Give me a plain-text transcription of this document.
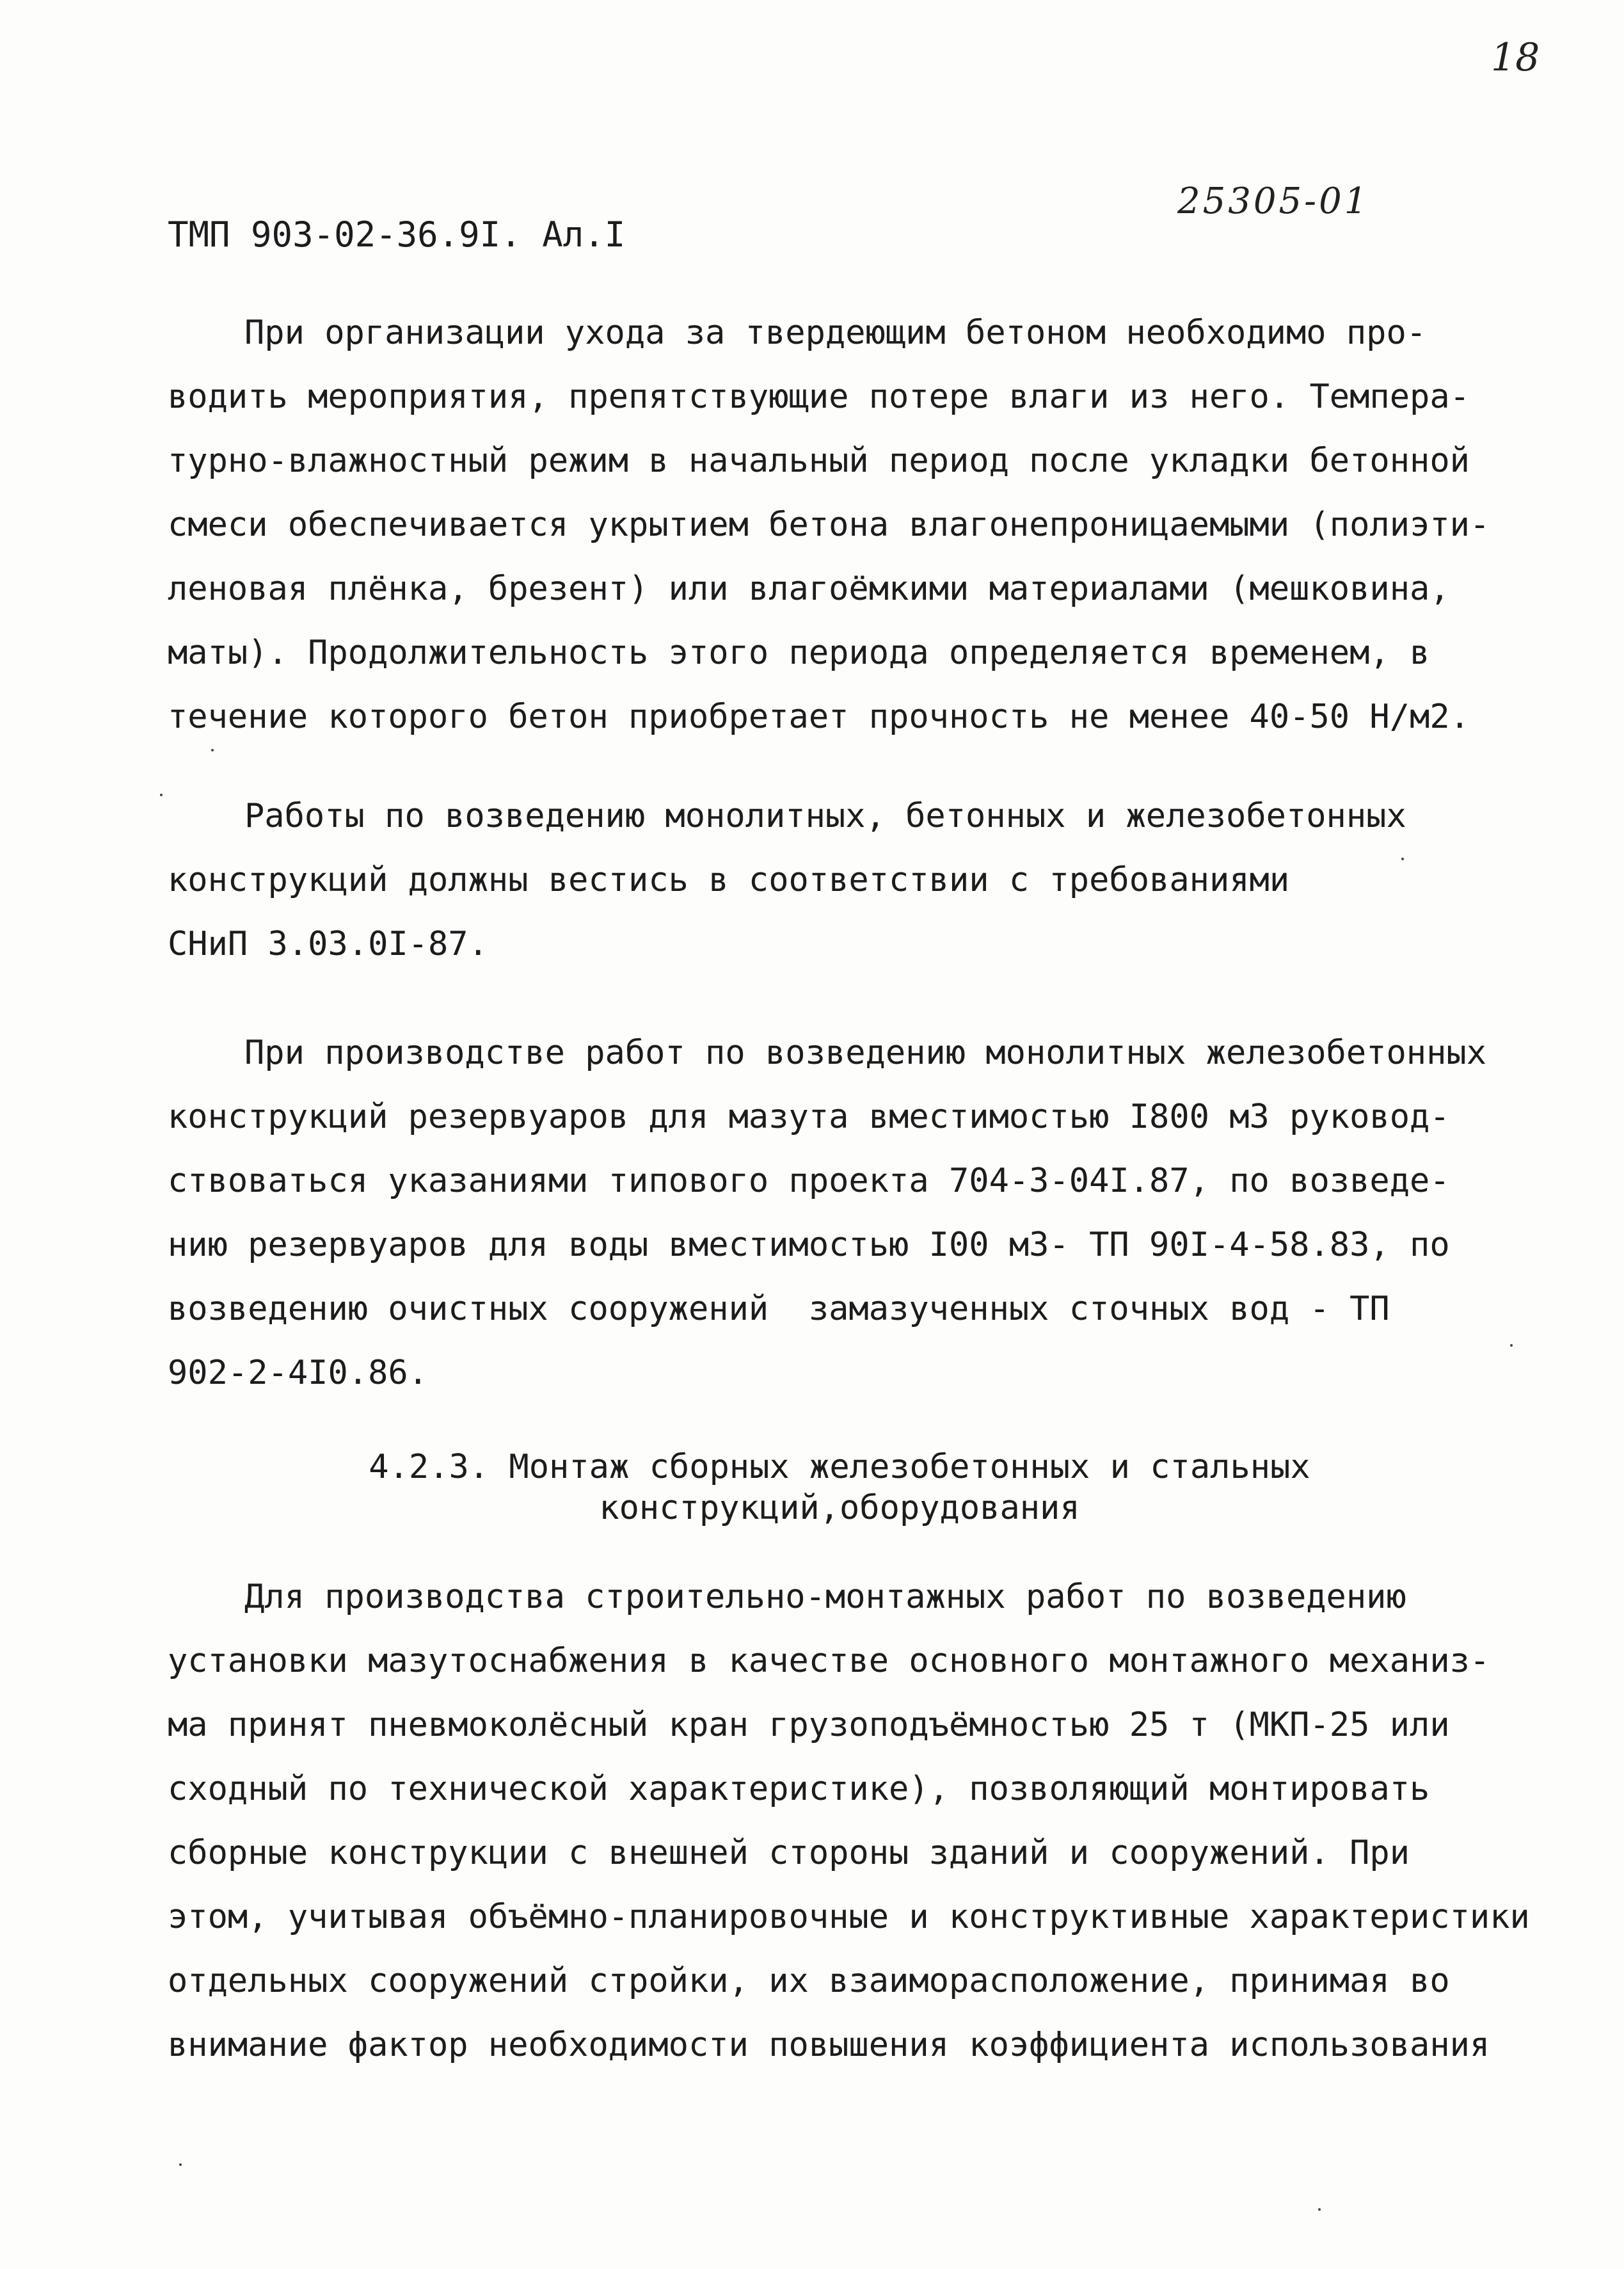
18
25305-01
ТМП 903-02-36.9I. Ал.I
При организации ухода за твердеющим бетоном необходимо про-
водить мероприятия, препятствующие потере влаги из него. Темпера-
турно-влажностный режим в начальный период после укладки бетонной
смеси обеспечивается укрытием бетона влагонепроницаемыми (полиэти-
леновая плёнка, брезент) или влагоёмкими материалами (мешковина,
маты). Продолжительность этого периода определяется временем, в
течение которого бетон приобретает прочность не менее 40-50 Н/м2.
Работы по возведению монолитных, бетонных и железобетонных
конструкций должны вестись в соответствии с требованиями
СНиП 3.03.0I-87.
При производстве работ по возведению монолитных железобетонных
конструкций резервуаров для мазута вместимостью I800 м3 руковод-
ствоваться указаниями типового проекта 704-3-04I.87, по возведе-
нию резервуаров для воды вместимостью I00 м3- ТП 90I-4-58.83, по
возведению очистных сооружений  замазученных сточных вод - ТП
902-2-4I0.86.
4.2.3. Монтаж сборных железобетонных и стальных
конструкций,оборудования
Для производства строительно-монтажных работ по возведению
установки мазутоснабжения в качестве основного монтажного механиз-
ма принят пневмоколёсный кран грузоподъёмностью 25 т (МКП-25 или
сходный по технической характеристике), позволяющий монтировать
сборные конструкции с внешней стороны зданий и сооружений. При
этом, учитывая объёмно-планировочные и конструктивные характеристики
отдельных сооружений стройки, их взаиморасположение, принимая во
внимание фактор необходимости повышения коэффициента использования
